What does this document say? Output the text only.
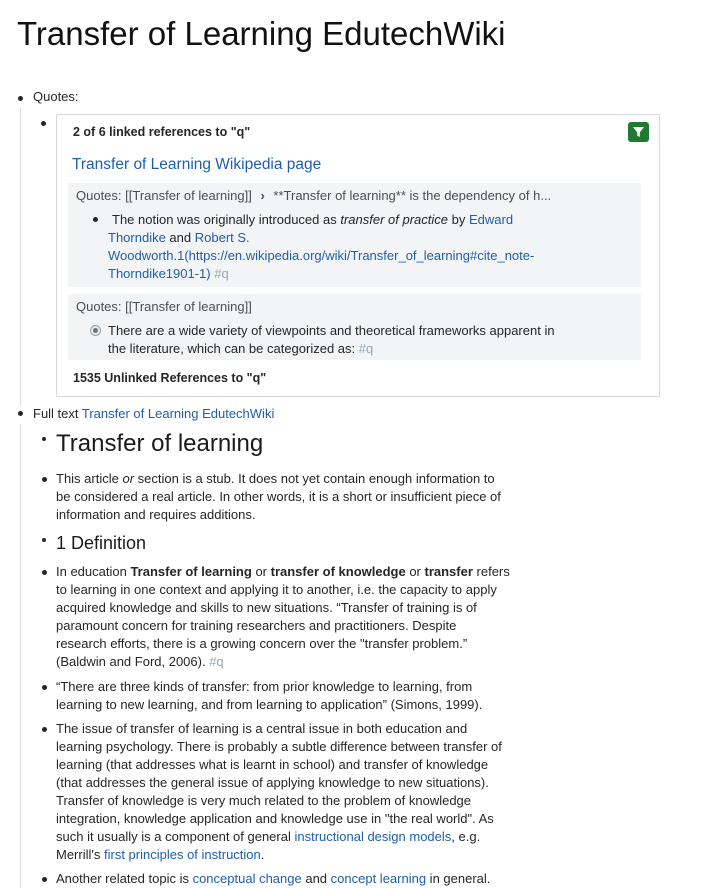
Transfer of Learning EdutechWiki
Quotes:
2 of 6 linked references to "q"
Transfer of Learning Wikipedia page
Quotes: [[Transfer of learning]] › **Transfer of learning** is the dependency of h...
The notion was originally introduced as transfer of practice by Edward
Thorndike and Robert S.
Woodworth.1(https://en.wikipedia.org/wiki/Transfer_of_learning#cite_note-
Thorndike1901-1) #q
Quotes: [[Transfer of learning]]
There are a wide variety of viewpoints and theoretical frameworks apparent in
the literature, which can be categorized as: #q
1535 Unlinked References to "q"
Full text Transfer of Learning EdutechWiki
Transfer of learning
This article or section is a stub. It does not yet contain enough information to
be considered a real article. In other words, it is a short or insufficient piece of
information and requires additions.
1 Definition
In education Transfer of learning or transfer of knowledge or transfer refers
to learning in one context and applying it to another, i.e. the capacity to apply
acquired knowledge and skills to new situations. “Transfer of training is of
paramount concern for training researchers and practitioners. Despite
research efforts, there is a growing concern over the "transfer problem.”
(Baldwin and Ford, 2006). #q
“There are three kinds of transfer: from prior knowledge to learning, from
learning to new learning, and from learning to application” (Simons, 1999).
The issue of transfer of learning is a central issue in both education and
learning psychology. There is probably a subtle difference between transfer of
learning (that addresses what is learnt in school) and transfer of knowledge
(that addresses the general issue of applying knowledge to new situations).
Transfer of knowledge is very much related to the problem of knowledge
integration, knowledge application and knowledge use in "the real world". As
such it usually is a component of general instructional design models, e.g.
Merrill's first principles of instruction.
Another related topic is conceptual change and concept learning in general.
